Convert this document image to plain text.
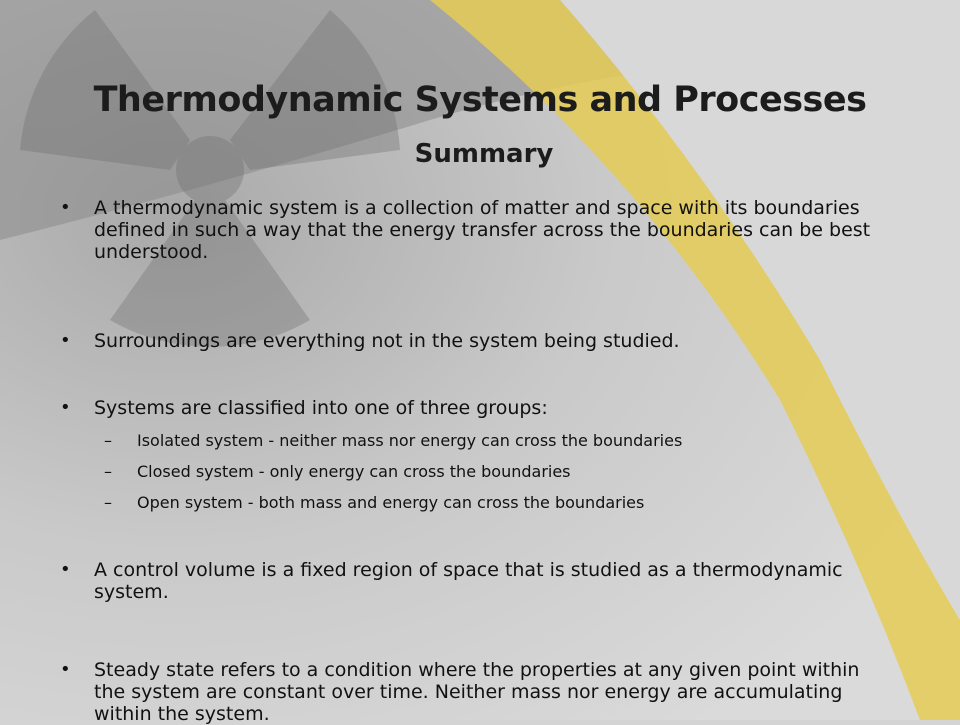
Thermodynamic Systems and Processes
Summary
• A thermodynamic system is a collection of matter and space with its boundaries defined in such a way that the energy transfer across the boundaries can be best understood.
• Surroundings are everything not in the system being studied.
• Systems are classified into one of three groups:
– Isolated system - neither mass nor energy can cross the boundaries
– Closed system - only energy can cross the boundaries
– Open system - both mass and energy can cross the boundaries
• A control volume is a fixed region of space that is studied as a thermodynamic system.
• Steady state refers to a condition where the properties at any given point within the system are constant over time. Neither mass nor energy are accumulating within the system.
